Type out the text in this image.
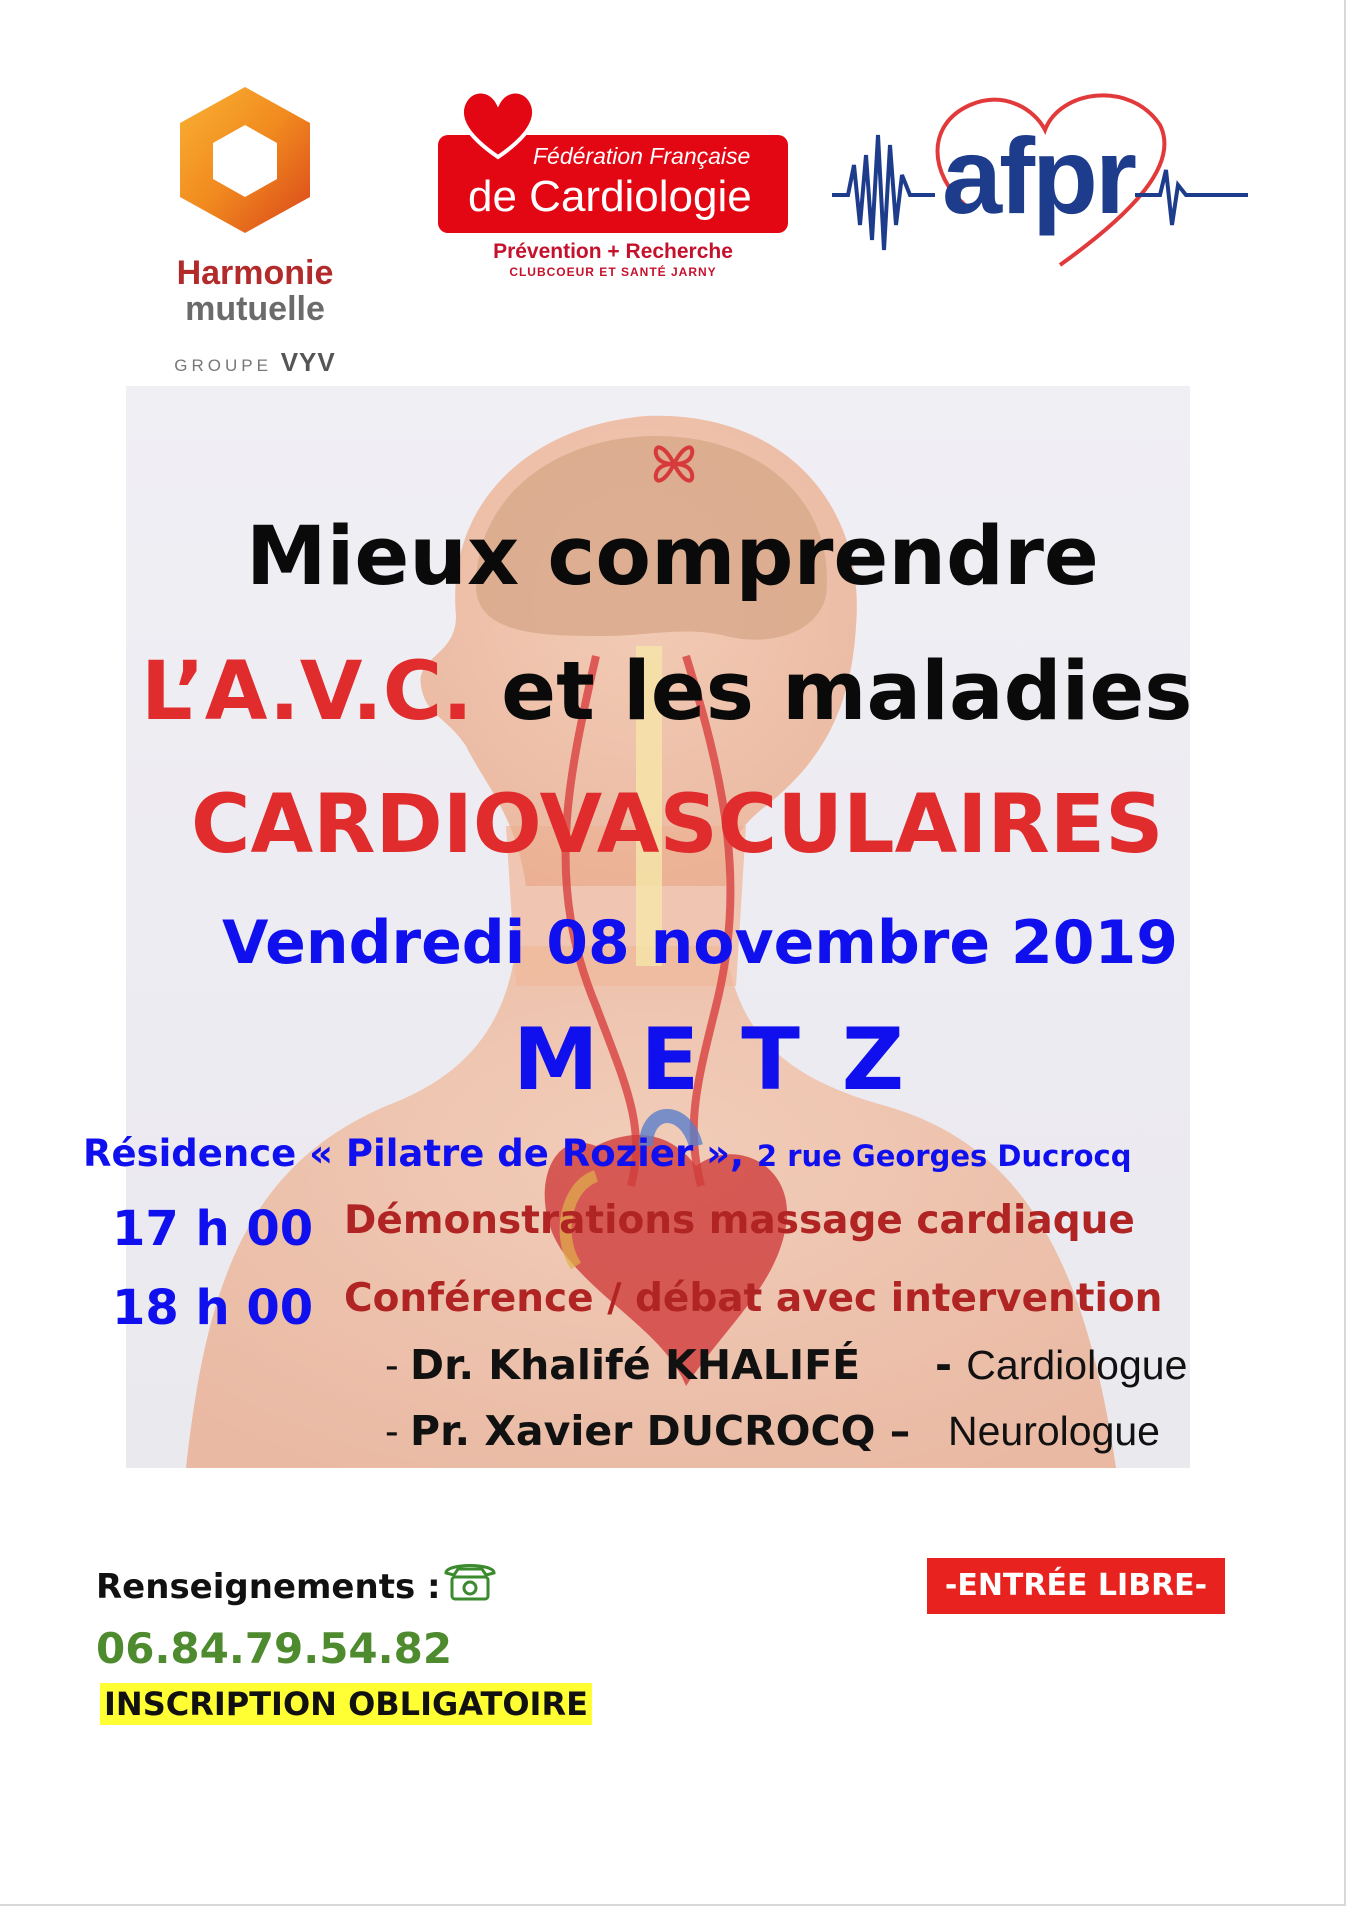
Harmonie
mutuelle
GROUPE VYV
Fédération Française
de Cardiologie
Prévention + Recherche
CLUBCOEUR ET SANTÉ JARNY
afpr
Mieux comprendre
L’A.V.C. et les maladies
CARDIOVASCULAIRES
Vendredi 08 novembre 2019
M E T Z
Résidence « Pilatre de Rozier », 2 rue Georges Ducrocq
17 h 00 Démonstrations massage cardiaque
18 h 00 Conférence / débat avec intervention
- Dr. Khalifé KHALIFÉ - Cardiologue
- Pr. Xavier DUCROCQ – Neurologue
Renseignements :
06.84.79.54.82
INSCRIPTION OBLIGATOIRE
-ENTRÉE LIBRE-
